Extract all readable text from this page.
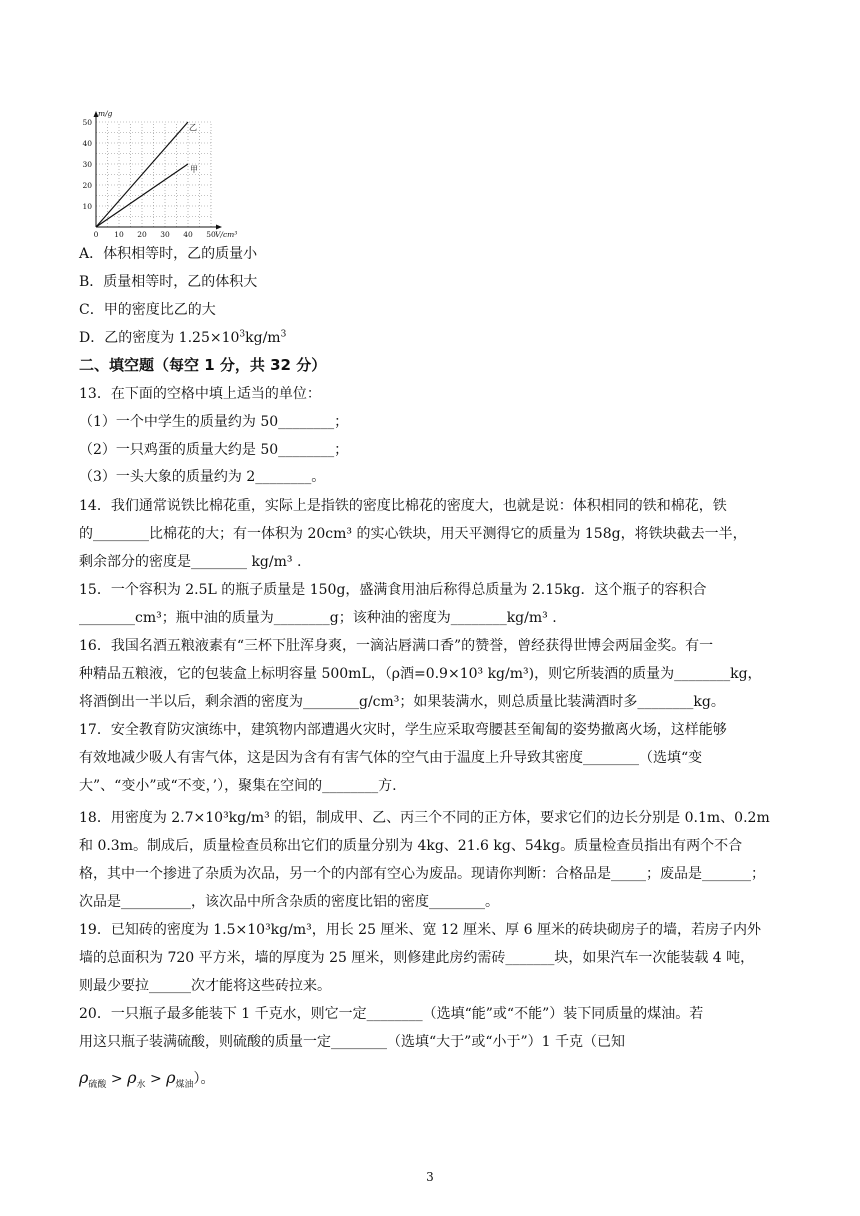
乙
甲
50
40
30
20
10
0 10 20 30 40 50
m/g
V/cm³
A．体积相等时，乙的质量小
B．质量相等时，乙的体积大
C．甲的密度比乙的大
D．乙的密度为 $1.25\times 10^3kg/m^3$
二、填空题（每空 1 分，共 32 分）
13．在下面的空格中填上适当的单位：
（1）一个中学生的质量约为 50________；
（2）一只鸡蛋的质量大约是 50________；
（3）一头大象的质量约为 2________。
14．我们通常说铁比棉花重，实际上是指铁的密度比棉花的密度大，也就是说：体积相同的铁和棉花，铁
的________比棉花的大；有一体积为 20cm³ 的实心铁块，用天平测得它的质量为 158g，将铁块截去一半，
剩余部分的密度是________ kg/m³ .
15．一个容积为 2.5L 的瓶子质量是 150g，盛满食用油后称得总质量为 2.15kg．这个瓶子的容积合
________cm³；瓶中油的质量为________g；该种油的密度为________kg/m³ .
16．我国名酒五粮液素有“三杯下肚浑身爽，一滴沾唇满口香”的赞誉，曾经获得世博会两届金奖。有一
种精品五粮液，它的包装盒上标明容量 500mL，（ρ酒=0.9×10³ kg/m³)，则它所装酒的质量为________kg，
将酒倒出一半以后，剩余酒的密度为________g/cm³；如果装满水，则总质量比装满酒时多________kg。
17．安全教育防灾演练中，建筑物内部遭遇火灾时，学生应采取弯腰甚至匍匐的姿势撤离火场，这样能够
有效地减少吸人有害气体，这是因为含有有害气体的空气由于温度上升导致其密度________（选填“变
大”、“变小”或“不变，’），聚集在空间的________方.
18．用密度为 2.7×10³kg/m³ 的铝，制成甲、乙、丙三个不同的正方体，要求它们的边长分别是 0.1m、0.2m
和 0.3m。制成后，质量检查员称出它们的质量分别为 4kg、21.6 kg、54kg。质量检查员指出有两个不合
格，其中一个掺进了杂质为次品，另一个的内部有空心为废品。现请你判断：合格品是_____；废品是_______；
次品是__________，该次品中所含杂质的密度比铝的密度________。
19．已知砖的密度为 1.5×10³kg/m³，用长 25 厘米、宽 12 厘米、厚 6 厘米的砖块砌房子的墙，若房子内外
墙的总面积为 720 平方米，墙的厚度为 25 厘米，则修建此房约需砖_______块，如果汽车一次能装载 4 吨，
则最少要拉______次才能将这些砖拉来。
20．一只瓶子最多能装下 1 千克水，则它一定________（选填“能”或“不能”）装下同质量的煤油。若
用这只瓶子装满硫酸，则硫酸的质量一定________（选填“大于”或“小于”）1 千克（已知
$\rho_{硫酸} > \rho_水 > \rho_{煤油}$）。
3
